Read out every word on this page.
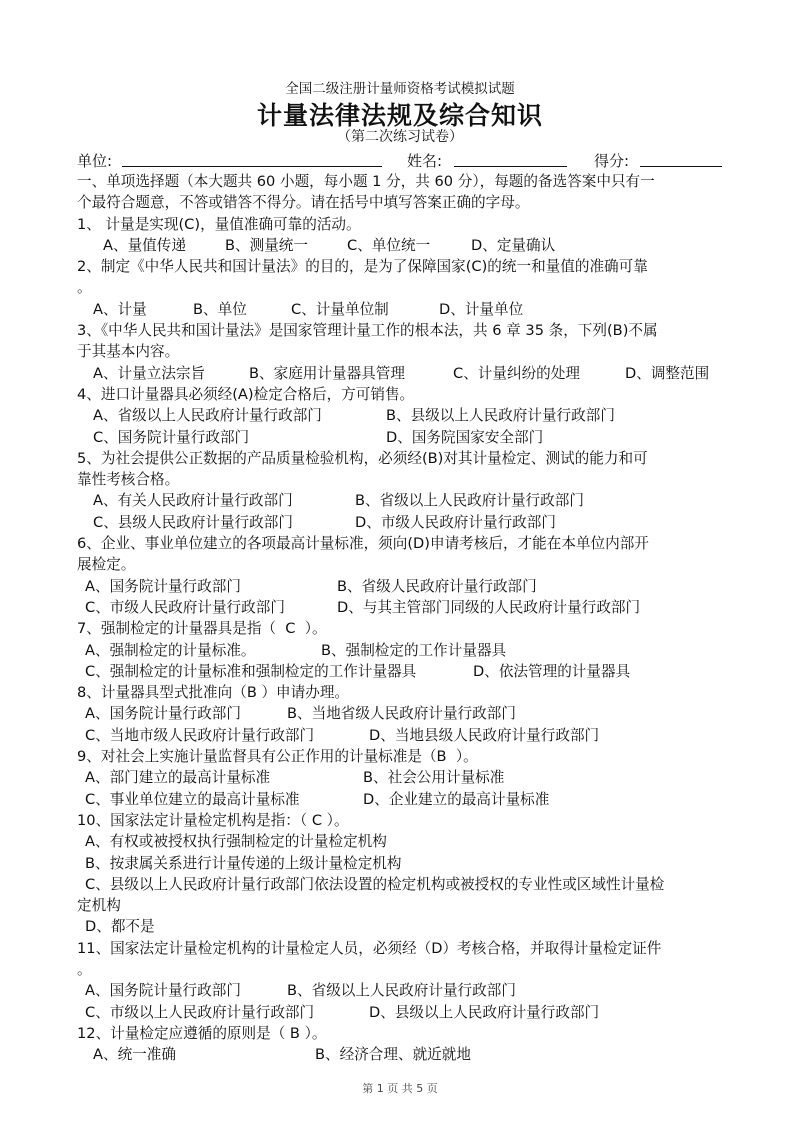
全国二级注册计量师资格考试模拟试题
计量法律法规及综合知识
（第二次练习试卷）
单位:	姓名:	得分:
一、单项选择题（本大题共 60 小题，每小题 1 分，共 60 分），每题的备选答案中只有一
个最符合题意，不答或错答不得分。请在括号中填写答案正确的字母。
1、 计量是实现(C)，量值准确可靠的活动。
A、量值传递	B、测量统一	C、单位统一	D、定量确认
2、制定《中华人民共和国计量法》的目的，是为了保障国家(C)的统一和量值的准确可靠
。
A、计量	B、单位	C、计量单位制	D、计量单位
3、《中华人民共和国计量法》是国家管理计量工作的根本法，共 6 章 35 条，下列(B)不属
于其基本内容。
A、计量立法宗旨	B、家庭用计量器具管理	C、计量纠纷的处理	D、调整范围
4、进口计量器具必须经(A)检定合格后，方可销售。
A、省级以上人民政府计量行政部门	B、县级以上人民政府计量行政部门
C、国务院计量行政部门	D、国务院国家安全部门
5、为社会提供公正数据的产品质量检验机构，必须经(B)对其计量检定、测试的能力和可
靠性考核合格。
A、有关人民政府计量行政部门	B、省级以上人民政府计量行政部门
C、县级人民政府计量行政部门	D、市级人民政府计量行政部门
6、企业、事业单位建立的各项最高计量标准，须向(D)申请考核后，才能在本单位内部开
展检定。
A、国务院计量行政部门	B、省级人民政府计量行政部门
C、市级人民政府计量行政部门	D、与其主管部门同级的人民政府计量行政部门
7、强制检定的计量器具是指（  C  ）。
A、强制检定的计量标准。	B、强制检定的工作计量器具
C、强制检定的计量标准和强制检定的工作计量器具	D、依法管理的计量器具
8、计量器具型式批准向（B ）申请办理。
A、国务院计量行政部门	B、当地省级人民政府计量行政部门
C、当地市级人民政府计量行政部门	D、当地县级人民政府计量行政部门
9、对社会上实施计量监督具有公正作用的计量标准是（B  ）。
A、部门建立的最高计量标准	B、社会公用计量标准
C、事业单位建立的最高计量标准	D、企业建立的最高计量标准
10、国家法定计量检定机构是指：（ C ）。
A、有权或被授权执行强制检定的计量检定机构
B、按隶属关系进行计量传递的上级计量检定机构
C、县级以上人民政府计量行政部门依法设置的检定机构或被授权的专业性或区域性计量检
定机构
D、都不是
11、国家法定计量检定机构的计量检定人员，必须经（D）考核合格，并取得计量检定证件
。
A、国务院计量行政部门	B、省级以上人民政府计量行政部门
C、市级以上人民政府计量行政部门	D、县级以上人民政府计量行政部门
12、计量检定应遵循的原则是（ B ）。
A、统一准确	B、经济合理、就近就地
第 1 页 共 5 页
